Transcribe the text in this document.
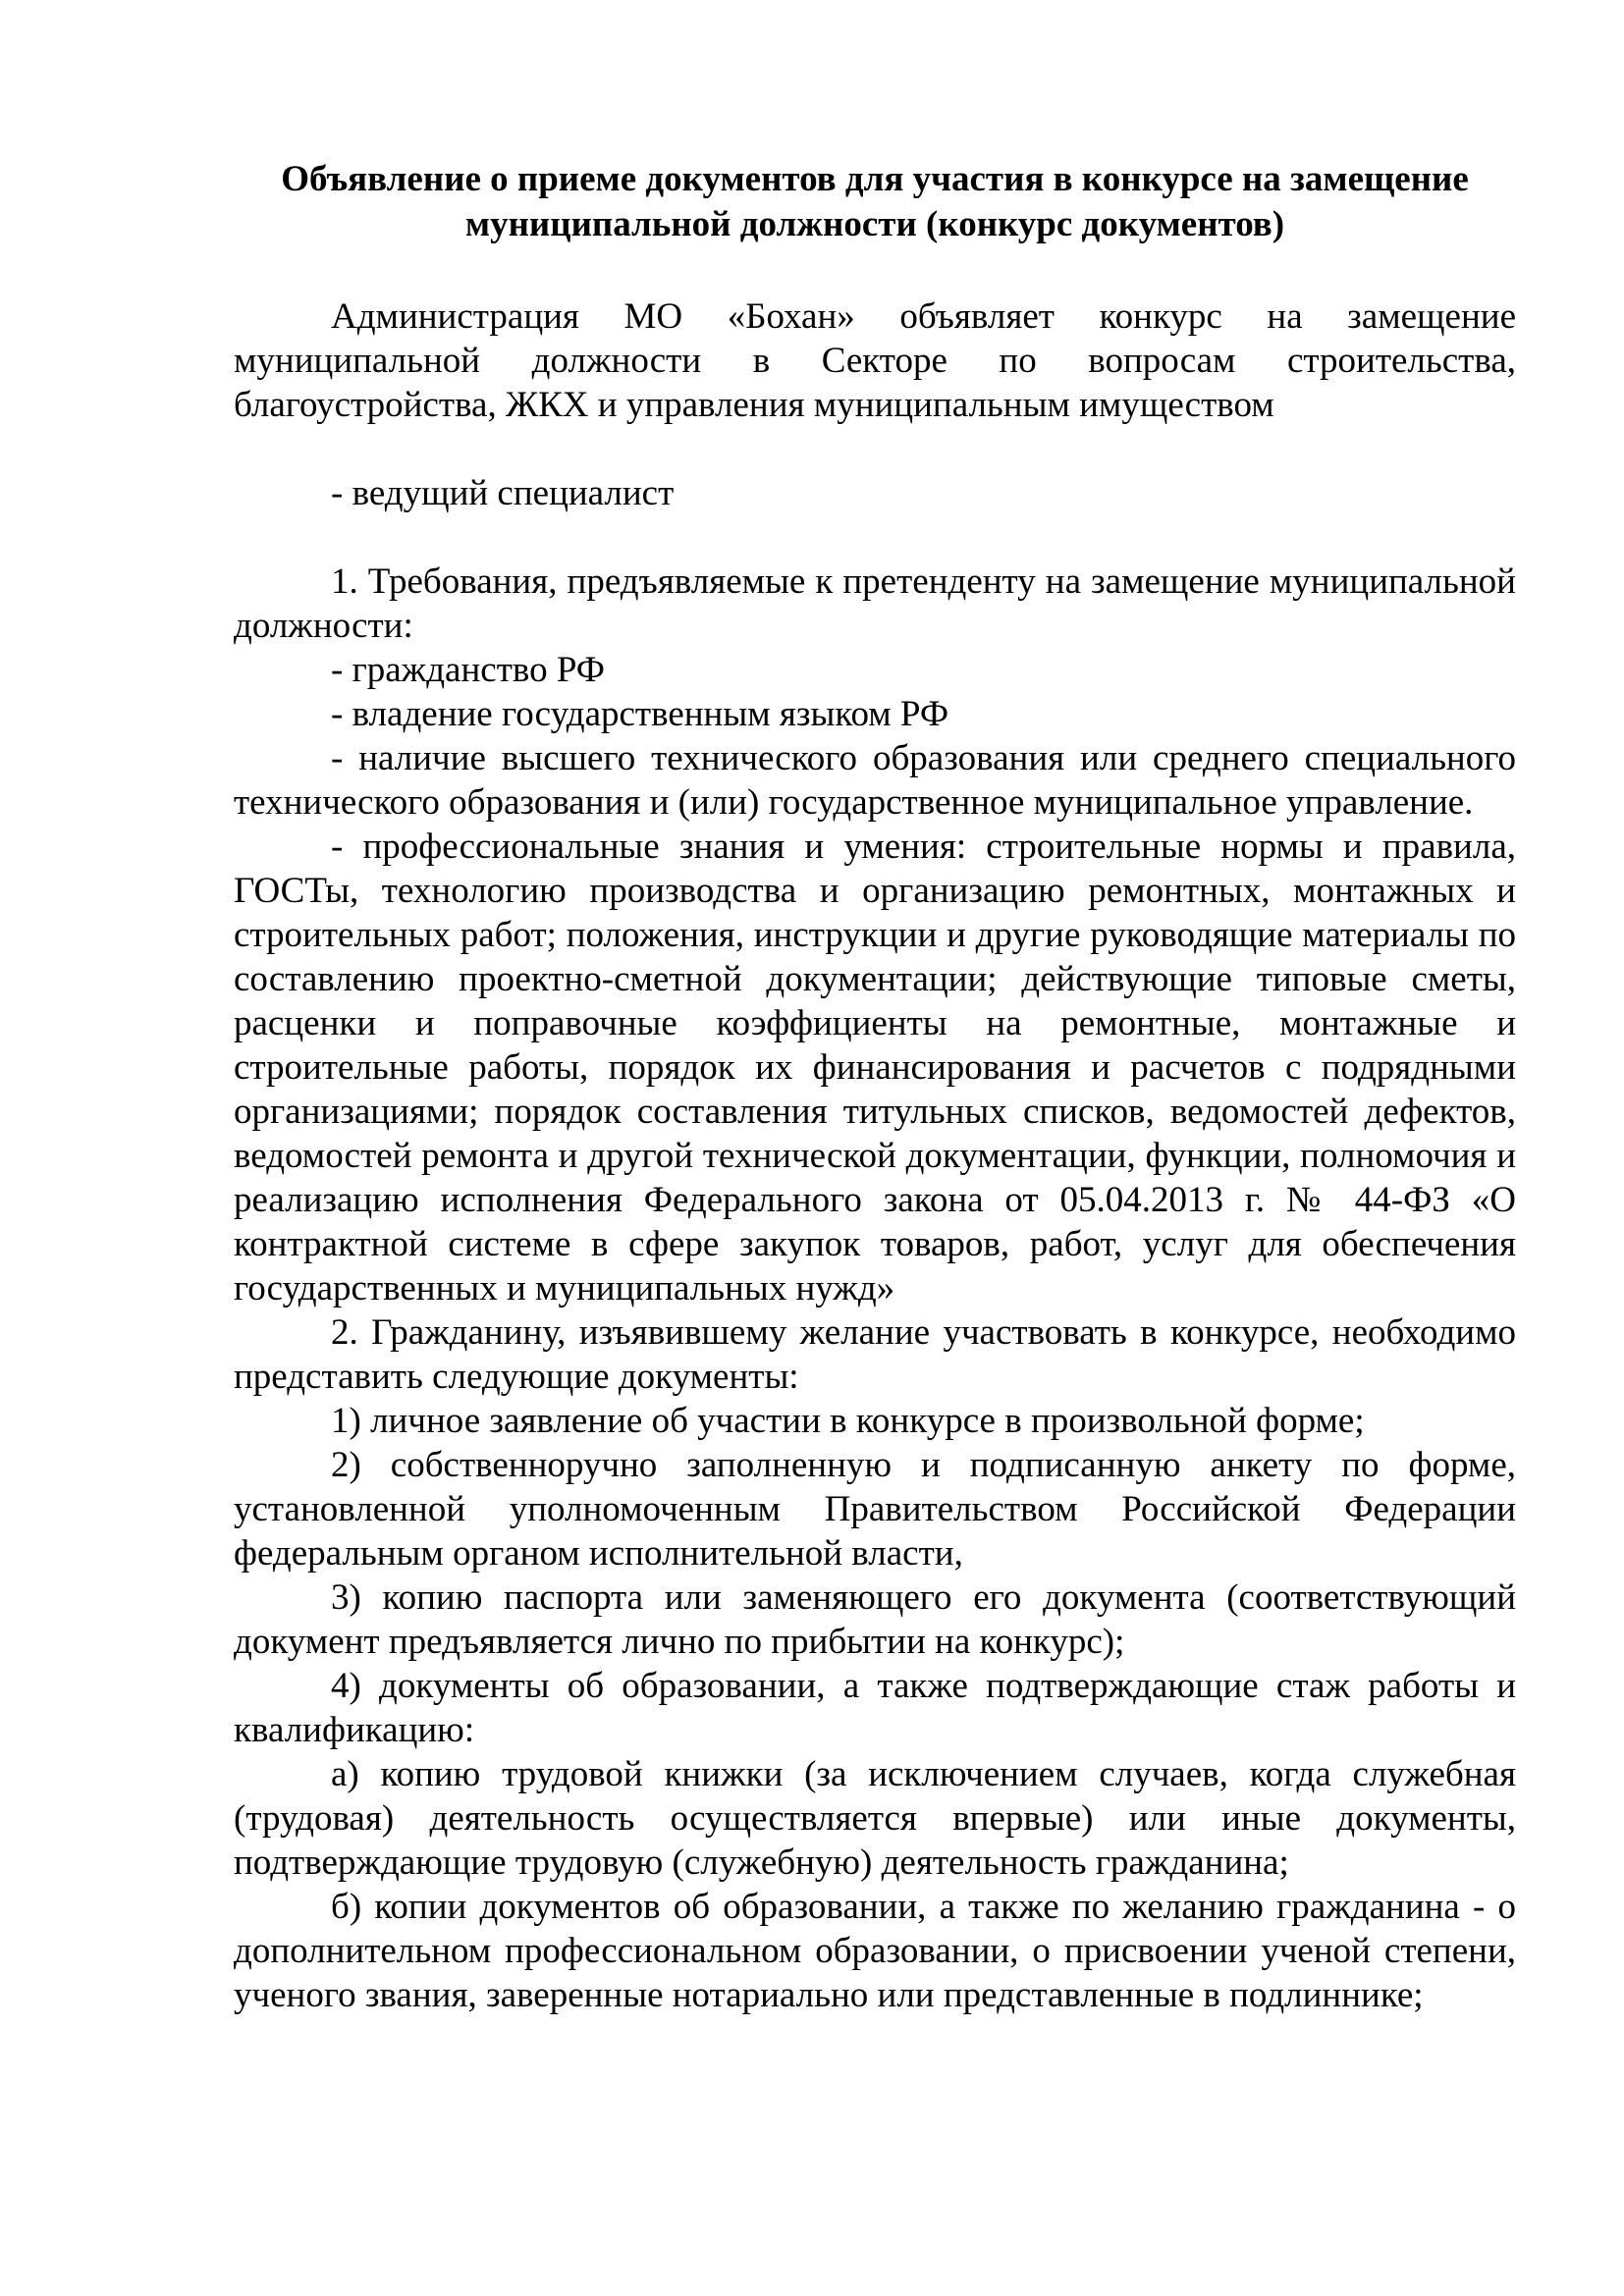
Объявление о приеме документов для участия в конкурсе на замещение
муниципальной должности (конкурс документов)

Администрация МО «Бохан» объявляет конкурс на замещение муниципальной должности в Секторе по вопросам строительства, благоустройства, ЖКХ и управления муниципальным имуществом

- ведущий специалист

1. Требования, предъявляемые к претенденту на замещение муниципальной должности:

- гражданство РФ

- владение государственным языком РФ

- наличие высшего технического образования или среднего специального технического образования и (или) государственное муниципальное управление.

- профессиональные знания и умения: строительные нормы и правила, ГОСТы, технологию производства и организацию ремонтных, монтажных и строительных работ; положения, инструкции и другие руководящие материалы по составлению проектно-сметной документации; действующие типовые сметы, расценки и поправочные коэффициенты на ремонтные, монтажные и строительные работы, порядок их финансирования и расчетов с подрядными организациями; порядок составления титульных списков, ведомостей дефектов, ведомостей ремонта и другой технической документации, функции, полномочия и реализацию исполнения Федерального закона от 05.04.2013 г. № 44-ФЗ «О контрактной системе в сфере закупок товаров, работ, услуг для обеспечения государственных и муниципальных нужд»

2. Гражданину, изъявившему желание участвовать в конкурсе, необходимо представить следующие документы:

1) личное заявление об участии в конкурсе в произвольной форме;

2) собственноручно заполненную и подписанную анкету по форме, установленной уполномоченным Правительством Российской Федерации федеральным органом исполнительной власти,

3) копию паспорта или заменяющего его документа (соответствующий документ предъявляется лично по прибытии на конкурс);

4) документы об образовании, а также подтверждающие стаж работы и квалификацию:

а) копию трудовой книжки (за исключением случаев, когда служебная (трудовая) деятельность осуществляется впервые) или иные документы, подтверждающие трудовую (служебную) деятельность гражданина;

б) копии документов об образовании, а также по желанию гражданина - о дополнительном профессиональном образовании, о присвоении ученой степени, ученого звания, заверенные нотариально или представленные в подлиннике;
